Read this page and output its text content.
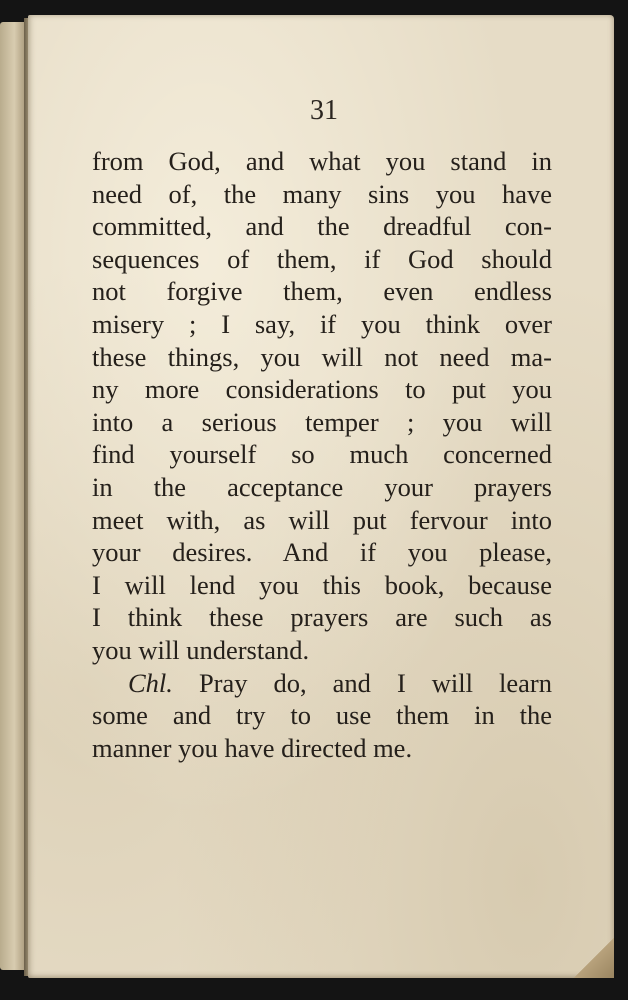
31
from God, and what you stand in
need of, the many sins you have
committed, and the dreadful con-
sequences of them, if God should
not forgive them, even endless
misery ; I say, if you think over
these things, you will not need ma-
ny more considerations to put you
into a serious temper ; you will
find yourself so much concerned
in the acceptance your prayers
meet with, as will put fervour into
your desires. And if you please,
I will lend you this book, because
I think these prayers are such as
you will understand.
Chl. Pray do, and I will learn
some and try to use them in the
manner you have directed me.
